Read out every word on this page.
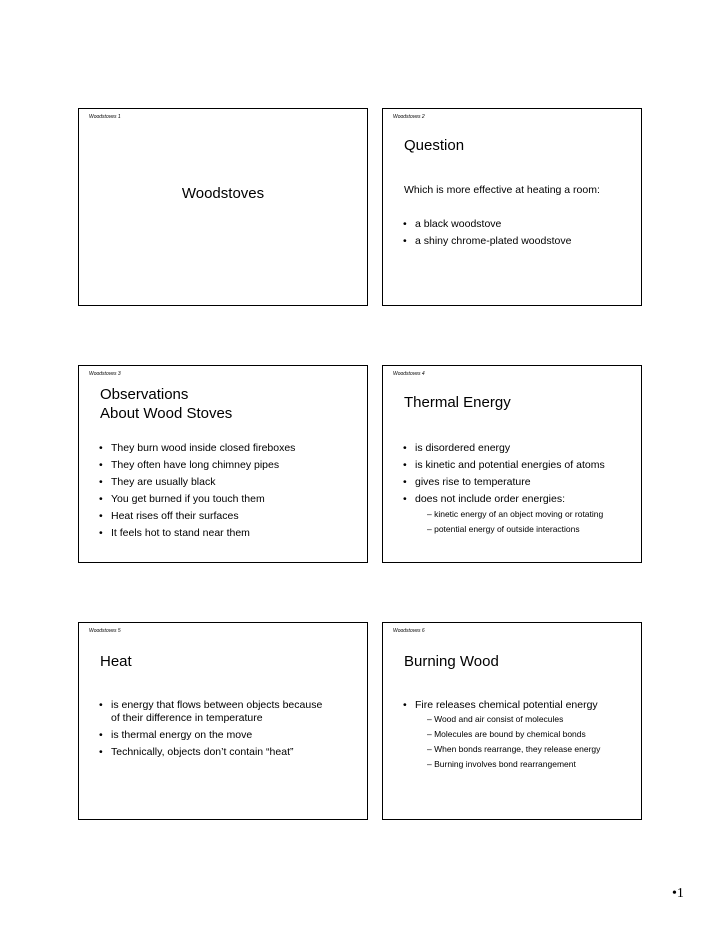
Woodstoves 1
Woodstoves
Woodstoves 2
Question
Which is more effective at heating a room:
• a black woodstove
• a shiny chrome-plated woodstove
Woodstoves 3
Observations
About Wood Stoves
• They burn wood inside closed fireboxes
• They often have long chimney pipes
• They are usually black
• You get burned if you touch them
• Heat rises off their surfaces
• It feels hot to stand near them
Woodstoves 4
Thermal Energy
• is disordered energy
• is kinetic and potential energies of atoms
• gives rise to temperature
• does not include order energies:
– kinetic energy of an object moving or rotating
– potential energy of outside interactions
Woodstoves 5
Heat
• is energy that flows between objects because of their difference in temperature
• is thermal energy on the move
• Technically, objects don’t contain “heat”
Woodstoves 6
Burning Wood
• Fire releases chemical potential energy
– Wood and air consist of molecules
– Molecules are bound by chemical bonds
– When bonds rearrange, they release energy
– Burning involves bond rearrangement
•1
